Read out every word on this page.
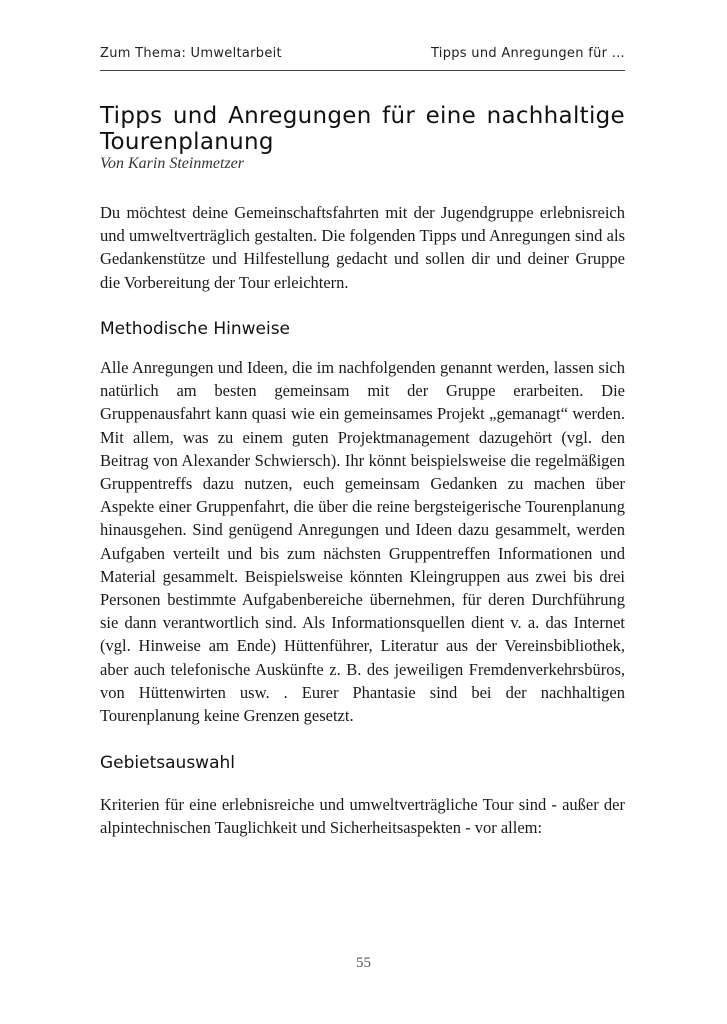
Zum Thema: Umweltarbeit	Tipps und Anregungen für ...
Tipps und Anregungen für eine nachhaltige Tourenplanung
Von Karin Steinmetzer

Du möchtest deine Gemeinschaftsfahrten mit der Jugendgruppe erlebnisreich und umweltverträglich gestalten. Die folgenden Tipps und Anregungen sind als Gedankenstütze und Hilfestellung gedacht und sollen dir und deiner Gruppe die Vorbereitung der Tour erleichtern.

Methodische Hinweise

Alle Anregungen und Ideen, die im nachfolgenden genannt werden, lassen sich natürlich am besten gemeinsam mit der Gruppe erarbeiten. Die Gruppenausfahrt kann quasi wie ein gemeinsames Projekt „gemanagt“ werden. Mit allem, was zu einem guten Projektmanagement dazugehört (vgl. den Beitrag von Alexander Schwiersch). Ihr könnt beispielsweise die regelmäßigen Gruppentreffs dazu nutzen, euch gemeinsam Gedanken zu machen über Aspekte einer Gruppenfahrt, die über die reine bergsteigerische Tourenplanung hinausgehen. Sind genügend Anregungen und Ideen dazu gesammelt, werden Aufgaben verteilt und bis zum nächsten Gruppentreffen Informationen und Material gesammelt. Beispielsweise könnten Kleingruppen aus zwei bis drei Personen bestimmte Aufgabenbereiche übernehmen, für deren Durchführung sie dann verantwortlich sind. Als Informationsquellen dient v. a. das Internet (vgl. Hinweise am Ende) Hüttenführer, Literatur aus der Vereinsbibliothek, aber auch telefonische Auskünfte z. B. des jeweiligen Fremdenverkehrsbüros, von Hüttenwirten usw. . Eurer Phantasie sind bei der nachhaltigen Tourenplanung keine Grenzen gesetzt.

Gebietsauswahl

Kriterien für eine erlebnisreiche und umweltverträgliche Tour sind - außer der alpintechnischen Tauglichkeit und Sicherheitsaspekten - vor allem:

55
